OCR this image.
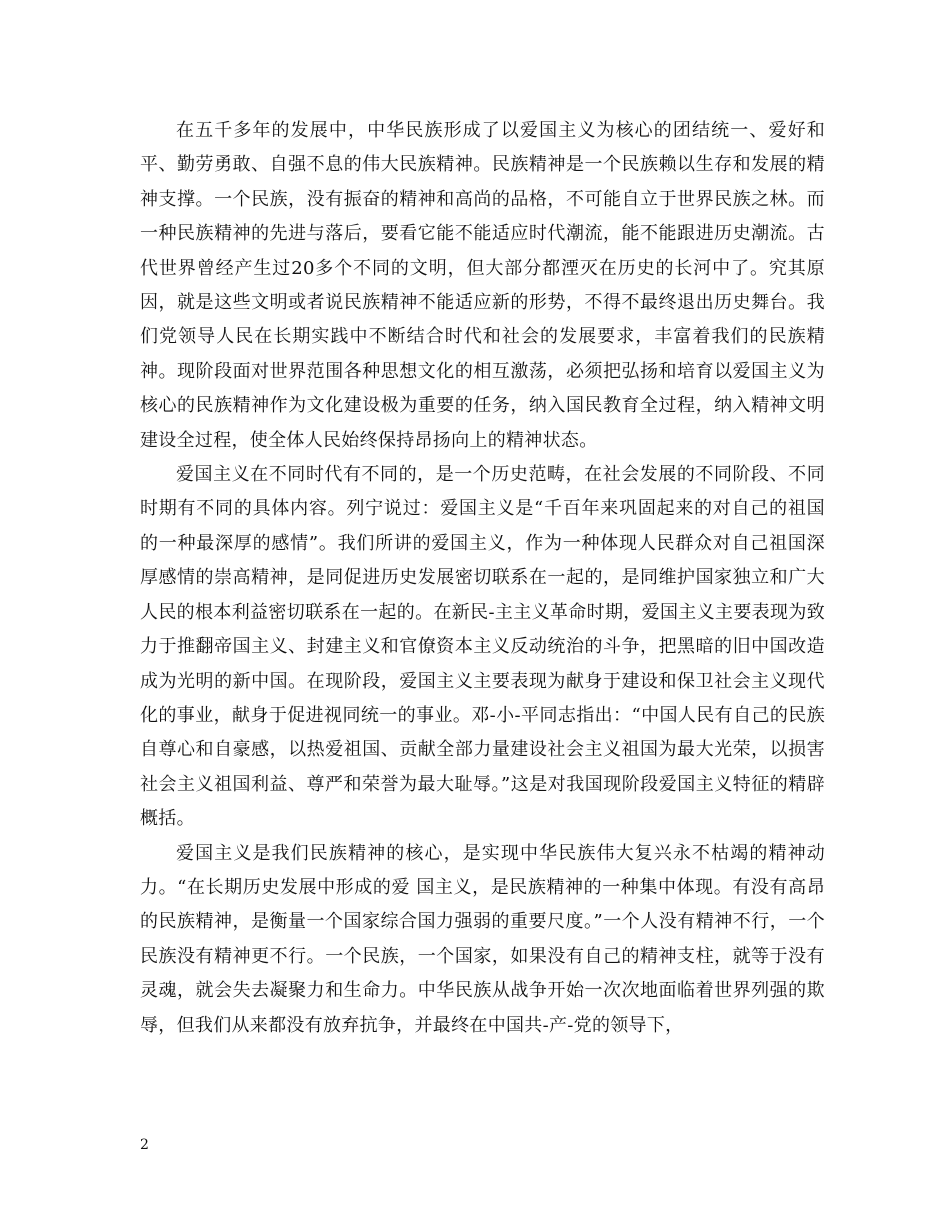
在五千多年的发展中，中华民族形成了以爱国主义为核心的团结统一、爱好和平、勤劳勇敢、自强不息的伟大民族精神。民族精神是一个民族赖以生存和发展的精神支撑。一个民族，没有振奋的精神和高尚的品格，不可能自立于世界民族之林。而一种民族精神的先进与落后，要看它能不能适应时代潮流，能不能跟进历史潮流。古代世界曾经产生过20多个不同的文明，但大部分都湮灭在历史的长河中了。究其原因，就是这些文明或者说民族精神不能适应新的形势，不得不最终退出历史舞台。我们党领导人民在长期实践中不断结合时代和社会的发展要求，丰富着我们的民族精神。现阶段面对世界范围各种思想文化的相互激荡，必须把弘扬和培育以爱国主义为核心的民族精神作为文化建设极为重要的任务，纳入国民教育全过程，纳入精神文明建设全过程，使全体人民始终保持昂扬向上的精神状态。

爱国主义在不同时代有不同的，是一个历史范畴，在社会发展的不同阶段、不同时期有不同的具体内容。列宁说过：爱国主义是“千百年来巩固起来的对自己的祖国的一种最深厚的感情”。我们所讲的爱国主义，作为一种体现人民群众对自己祖国深厚感情的崇高精神，是同促进历史发展密切联系在一起的，是同维护国家独立和广大人民的根本利益密切联系在一起的。在新民-主主义革命时期，爱国主义主要表现为致力于推翻帝国主义、封建主义和官僚资本主义反动统治的斗争，把黑暗的旧中国改造成为光明的新中国。在现阶段，爱国主义主要表现为献身于建设和保卫社会主义现代化的事业，献身于促进视同统一的事业。邓-小-平同志指出：“中国人民有自己的民族自尊心和自豪感，以热爱祖国、贡献全部力量建设社会主义祖国为最大光荣，以损害社会主义祖国利益、尊严和荣誉为最大耻辱。”这是对我国现阶段爱国主义特征的精辟概括。

爱国主义是我们民族精神的核心，是实现中华民族伟大复兴永不枯竭的精神动力。“在长期历史发展中形成的爱 国主义，是民族精神的一种集中体现。有没有高昂的民族精神，是衡量一个国家综合国力强弱的重要尺度。”一个人没有精神不行，一个民族没有精神更不行。一个民族，一个国家，如果没有自己的精神支柱，就等于没有灵魂，就会失去凝聚力和生命力。中华民族从战争开始一次次地面临着世界列强的欺辱，但我们从来都没有放弃抗争，并最终在中国共-产-党的领导下，

2
